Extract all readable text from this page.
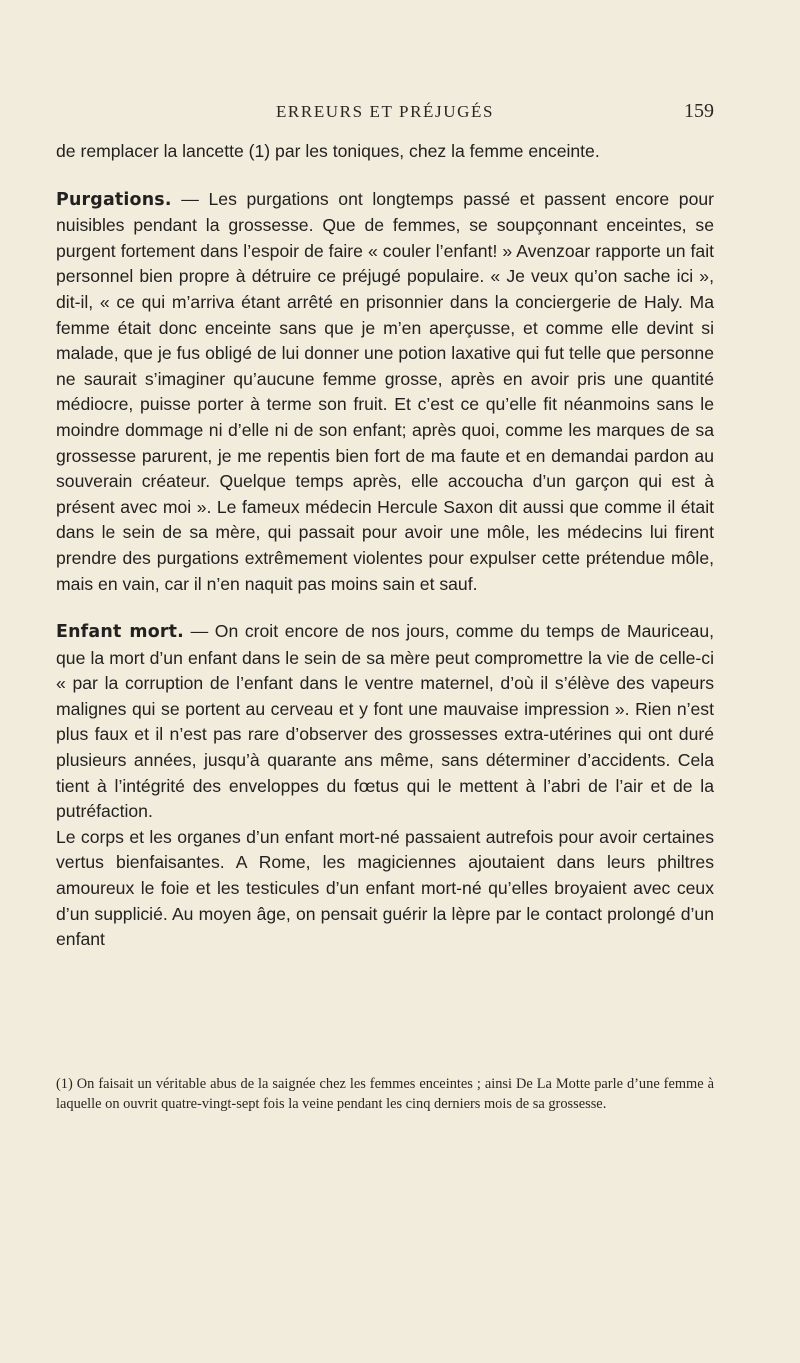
ERREURS ET PRÉJUGÉS	159

de remplacer la lancette (1) par les toniques, chez la femme enceinte.

Purgations. — Les purgations ont longtemps passé et passent encore pour nuisibles pendant la grossesse. Que de femmes, se soupçonnant enceintes, se purgent fortement dans l’espoir de faire « couler l’enfant! » Avenzoar rapporte un fait personnel bien propre à détruire ce préjugé populaire. « Je veux qu’on sache ici », dit-il, « ce qui m’arriva étant arrêté en prisonnier dans la conciergerie de Haly. Ma femme était donc enceinte sans que je m’en aperçusse, et comme elle devint si malade, que je fus obligé de lui donner une potion laxative qui fut telle que personne ne saurait s’imaginer qu’aucune femme grosse, après en avoir pris une quantité médiocre, puisse porter à terme son fruit. Et c’est ce qu’elle fit néanmoins sans le moindre dommage ni d’elle ni de son enfant; après quoi, comme les marques de sa grossesse parurent, je me repentis bien fort de ma faute et en demandai pardon au souverain créateur. Quelque temps après, elle accoucha d’un garçon qui est à présent avec moi ». Le fameux médecin Hercule Saxon dit aussi que comme il était dans le sein de sa mère, qui passait pour avoir une môle, les médecins lui firent prendre des purgations extrêmement violentes pour expulser cette prétendue môle, mais en vain, car il n’en naquit pas moins sain et sauf.

Enfant mort. — On croit encore de nos jours, comme du temps de Mauriceau, que la mort d’un enfant dans le sein de sa mère peut compromettre la vie de celle-ci « par la corruption de l’enfant dans le ventre maternel, d’où il s’élève des vapeurs malignes qui se portent au cerveau et y font une mauvaise impression ». Rien n’est plus faux et il n’est pas rare d’observer des grossesses extra-utérines qui ont duré plusieurs années, jusqu’à quarante ans même, sans déterminer d’accidents. Cela tient à l’intégrité des enveloppes du fœtus qui le mettent à l’abri de l’air et de la putréfaction.

Le corps et les organes d’un enfant mort-né passaient autrefois pour avoir certaines vertus bienfaisantes. A Rome, les magiciennes ajoutaient dans leurs philtres amoureux le foie et les testicules d’un enfant mort-né qu’elles broyaient avec ceux d’un supplicié. Au moyen âge, on pensait guérir la lèpre par le contact prolongé d’un enfant

(1) On faisait un véritable abus de la saignée chez les femmes enceintes ; ainsi De La Motte parle d’une femme à laquelle on ouvrit quatre-vingt-sept fois la veine pendant les cinq derniers mois de sa grossesse.
